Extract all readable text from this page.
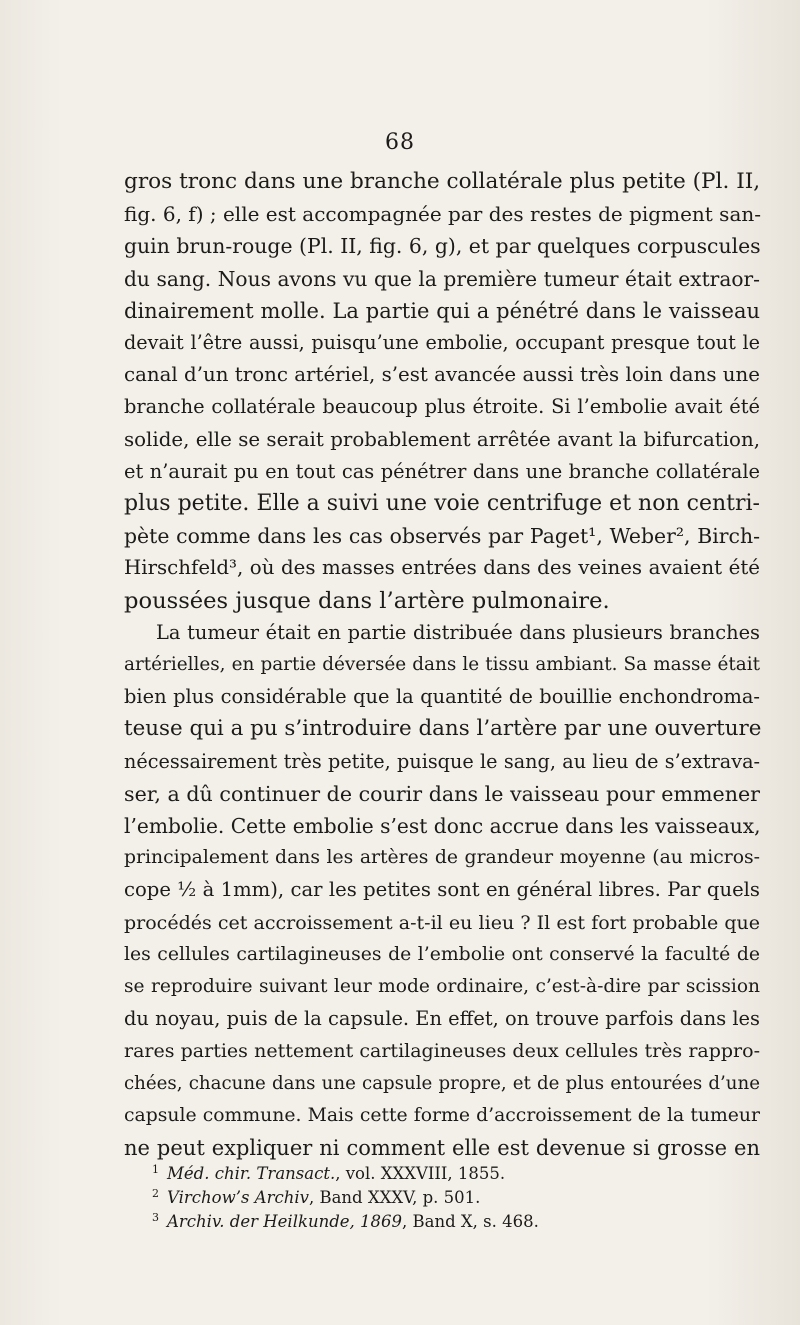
68
gros tronc dans une branche collatérale plus petite (Pl. II,
fig. 6, f) ; elle est accompagnée par des restes de pigment san-
guin brun-rouge (Pl. II, fig. 6, g), et par quelques corpuscules
du sang. Nous avons vu que la première tumeur était extraor-
dinairement molle. La partie qui a pénétré dans le vaisseau
devait l’être aussi, puisqu’une embolie, occupant presque tout le
canal d’un tronc artériel, s’est avancée aussi très loin dans une
branche collatérale beaucoup plus étroite. Si l’embolie avait été
solide, elle se serait probablement arrêtée avant la bifurcation,
et n’aurait pu en tout cas pénétrer dans une branche collatérale
plus petite. Elle a suivi une voie centrifuge et non centri-
pète comme dans les cas observés par Paget¹, Weber², Birch-
Hirschfeld³, où des masses entrées dans des veines avaient été
poussées jusque dans l’artère pulmonaire.
La tumeur était en partie distribuée dans plusieurs branches
artérielles, en partie déversée dans le tissu ambiant. Sa masse était
bien plus considérable que la quantité de bouillie enchondroma-
teuse qui a pu s’introduire dans l’artère par une ouverture
nécessairement très petite, puisque le sang, au lieu de s’extrava-
ser, a dû continuer de courir dans le vaisseau pour emmener
l’embolie. Cette embolie s’est donc accrue dans les vaisseaux,
principalement dans les artères de grandeur moyenne (au micros-
cope ½ à 1mm), car les petites sont en général libres. Par quels
procédés cet accroissement a-t-il eu lieu ? Il est fort probable que
les cellules cartilagineuses de l’embolie ont conservé la faculté de
se reproduire suivant leur mode ordinaire, c’est-à-dire par scission
du noyau, puis de la capsule. En effet, on trouve parfois dans les
rares parties nettement cartilagineuses deux cellules très rappro-
chées, chacune dans une capsule propre, et de plus entourées d’une
capsule commune. Mais cette forme d’accroissement de la tumeur
ne peut expliquer ni comment elle est devenue si grosse en
$^1$ Méd. chir. Transact., vol. XXXVIII, 1855.
$^2$ Virchow’s Archiv, Band XXXV, p. 501.
$^3$ Archiv. der Heilkunde, 1869, Band X, s. 468.
